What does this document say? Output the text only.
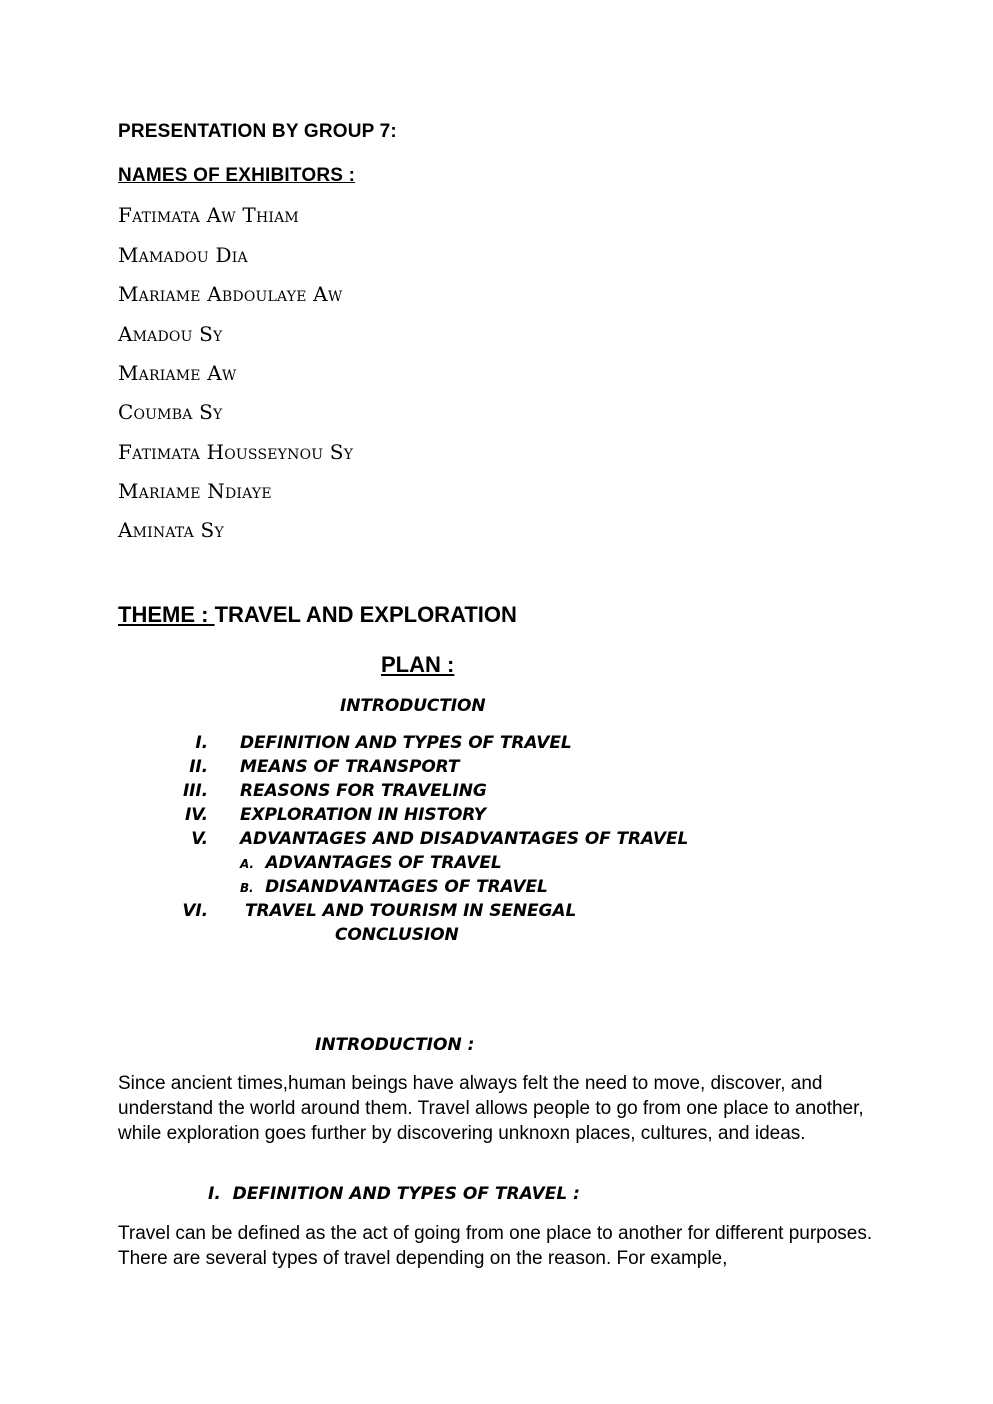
PRESENTATION BY GROUP 7:
NAMES OF EXHIBITORS :
Fatimata Aw Thiam
Mamadou Dia
Mariame Abdoulaye Aw
Amadou Sy
Mariame Aw
Coumba Sy
Fatimata Housseynou Sy
Mariame Ndiaye
Aminata Sy
THEME : TRAVEL AND EXPLORATION
PLAN :
INTRODUCTION
I. DEFINITION AND TYPES OF TRAVEL
II. MEANS OF TRANSPORT
III. REASONS FOR TRAVELING
IV. EXPLORATION IN HISTORY
V. ADVANTAGES AND DISADVANTAGES OF TRAVEL
A. ADVANTAGES OF TRAVEL
B. DISANDVANTAGES OF TRAVEL
VI. TRAVEL AND TOURISM IN SENEGAL
CONCLUSION
INTRODUCTION :
Since ancient times,human beings have always felt the need to move, discover, and understand the world around them. Travel allows people to go from one place to another, while exploration goes further by discovering unknoxn places, cultures, and ideas.
I.  DEFINITION AND TYPES OF TRAVEL :
Travel can be defined as the act of going from one place to another for different purposes. There are several types of travel depending on the reason. For example,
